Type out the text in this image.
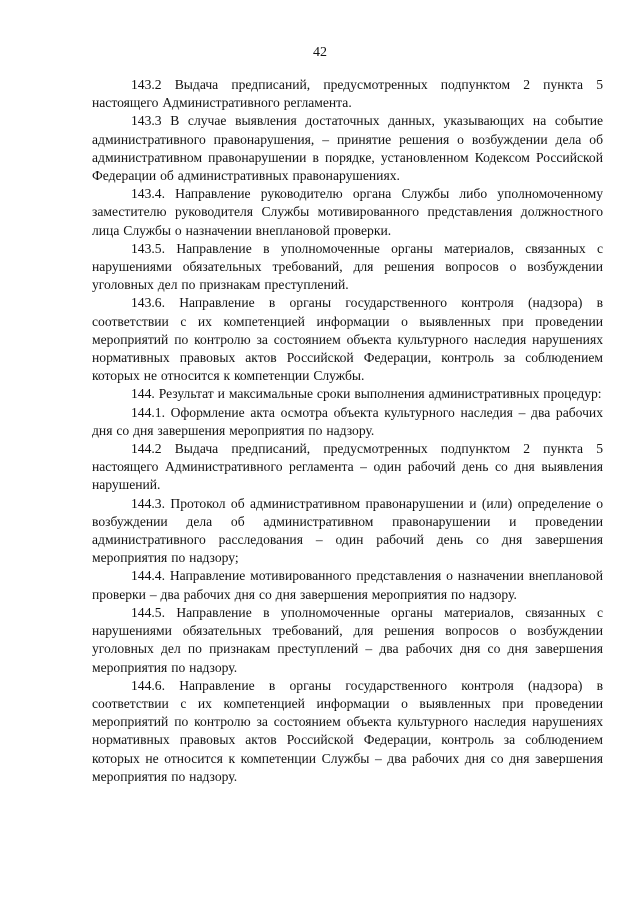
42

143.2 Выдача предписаний, предусмотренных подпунктом 2 пункта 5 настоящего Административного регламента.

143.3 В случае выявления достаточных данных, указывающих на событие административного правонарушения, – принятие решения о возбуждении дела об административном правонарушении в порядке, установленном Кодексом Российской Федерации об административных правонарушениях.

143.4. Направление руководителю органа Службы либо уполномоченному заместителю руководителя Службы мотивированного представления должностного лица Службы о назначении внеплановой проверки.

143.5. Направление в уполномоченные органы материалов, связанных с нарушениями обязательных требований, для решения вопросов о возбуждении уголовных дел по признакам преступлений.

143.6. Направление в органы государственного контроля (надзора) в соответствии с их компетенцией информации о выявленных при проведении мероприятий по контролю за состоянием объекта культурного наследия нарушениях нормативных правовых актов Российской Федерации, контроль за соблюдением которых не относится к компетенции Службы.

144. Результат и максимальные сроки выполнения административных процедур:

144.1. Оформление акта осмотра объекта культурного наследия – два рабочих дня со дня завершения мероприятия по надзору.

144.2 Выдача предписаний, предусмотренных подпунктом 2 пункта 5 настоящего Административного регламента – один рабочий день со дня выявления нарушений.

144.3. Протокол об административном правонарушении и (или) определение о возбуждении дела об административном правонарушении и проведении административного расследования – один рабочий день со дня завершения мероприятия по надзору;

144.4. Направление мотивированного представления о назначении внеплановой проверки – два рабочих дня со дня завершения мероприятия по надзору.

144.5. Направление в уполномоченные органы материалов, связанных с нарушениями обязательных требований, для решения вопросов о возбуждении уголовных дел по признакам преступлений – два рабочих дня со дня завершения мероприятия по надзору.

144.6. Направление в органы государственного контроля (надзора) в соответствии с их компетенцией информации о выявленных при проведении мероприятий по контролю за состоянием объекта культурного наследия нарушениях нормативных правовых актов Российской Федерации, контроль за соблюдением которых не относится к компетенции Службы – два рабочих дня со дня завершения мероприятия по надзору.
